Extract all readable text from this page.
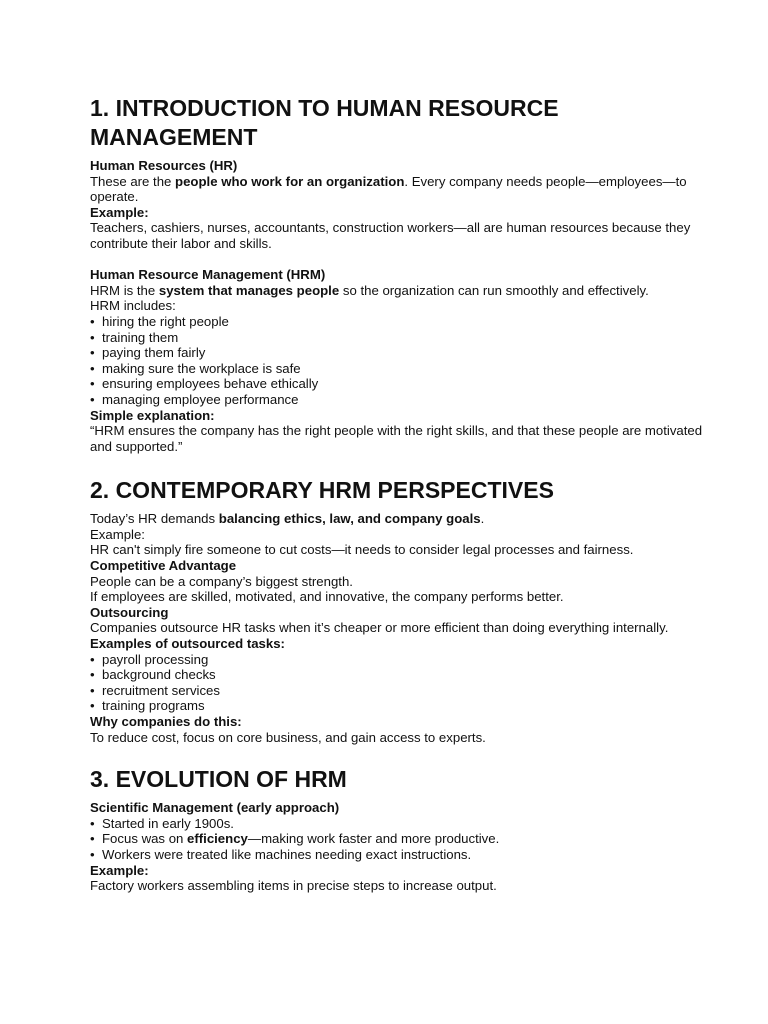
1. INTRODUCTION TO HUMAN RESOURCE MANAGEMENT

Human Resources (HR)

These are the people who work for an organization. Every company needs people—employees—to operate.

Example:

Teachers, cashiers, nurses, accountants, construction workers—all are human resources because they contribute their labor and skills.

Human Resource Management (HRM)

HRM is the system that manages people so the organization can run smoothly and effectively.

HRM includes:

• hiring the right people
• training them
• paying them fairly
• making sure the workplace is safe
• ensuring employees behave ethically
• managing employee performance

Simple explanation:

“HRM ensures the company has the right people with the right skills, and that these people are motivated and supported.”

2. CONTEMPORARY HRM PERSPECTIVES

Today’s HR demands balancing ethics, law, and company goals.

Example:

HR can't simply fire someone to cut costs—it needs to consider legal processes and fairness.

Competitive Advantage

People can be a company’s biggest strength.

If employees are skilled, motivated, and innovative, the company performs better.

Outsourcing

Companies outsource HR tasks when it’s cheaper or more efficient than doing everything internally.

Examples of outsourced tasks:

• payroll processing
• background checks
• recruitment services
• training programs

Why companies do this:

To reduce cost, focus on core business, and gain access to experts.

3. EVOLUTION OF HRM

Scientific Management (early approach)

• Started in early 1900s.
• Focus was on efficiency—making work faster and more productive.
• Workers were treated like machines needing exact instructions.

Example:

Factory workers assembling items in precise steps to increase output.
